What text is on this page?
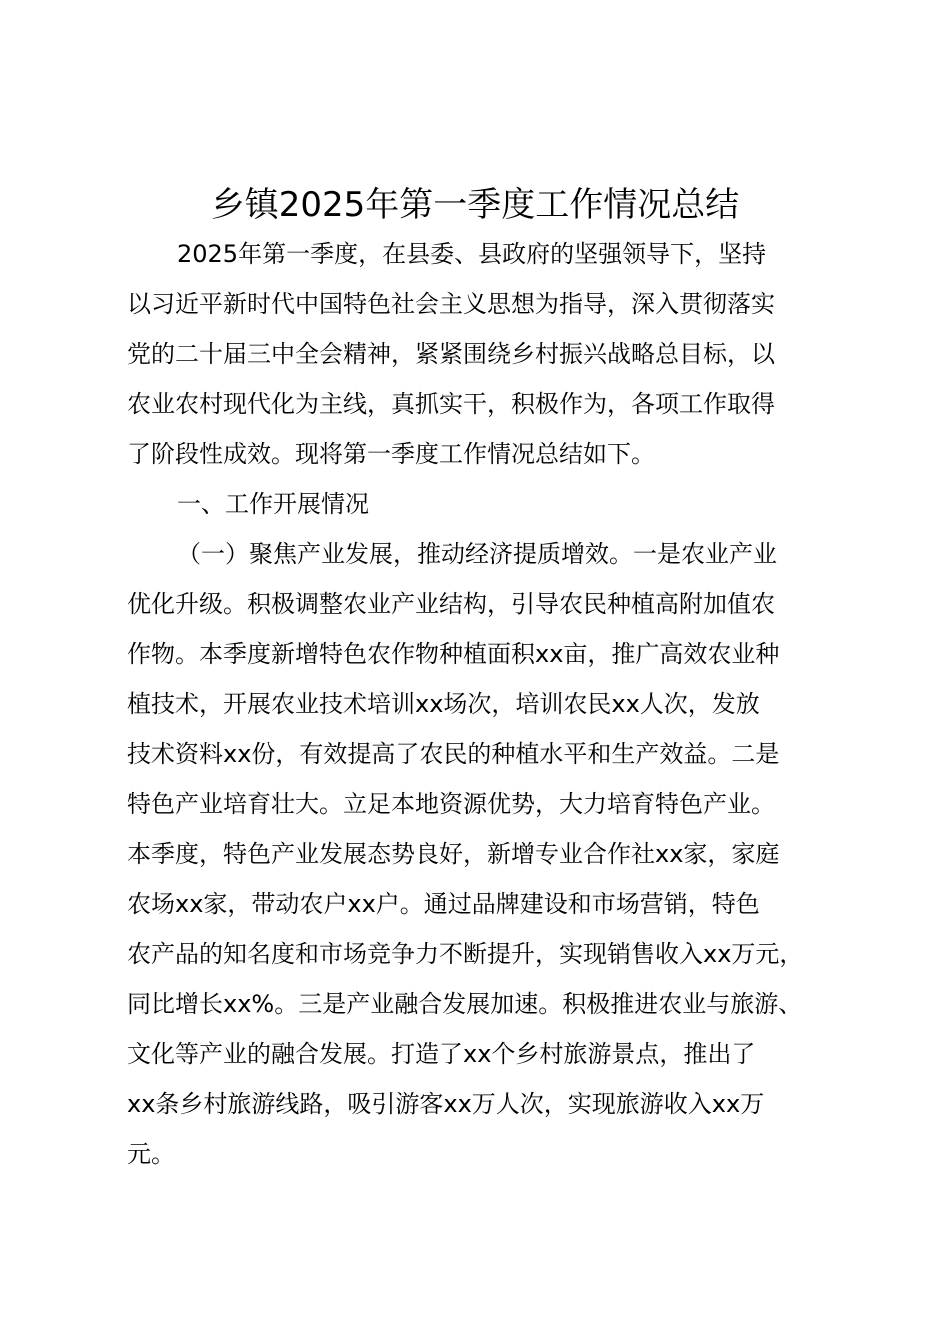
乡镇2025年第一季度工作情况总结
2025年第一季度，在县委、县政府的坚强领导下，坚持
以习近平新时代中国特色社会主义思想为指导，深入贯彻落实
党的二十届三中全会精神，紧紧围绕乡村振兴战略总目标，以
农业农村现代化为主线，真抓实干，积极作为，各项工作取得
了阶段性成效。现将第一季度工作情况总结如下。
一、工作开展情况
（一）聚焦产业发展，推动经济提质增效。一是农业产业
优化升级。积极调整农业产业结构，引导农民种植高附加值农
作物。本季度新增特色农作物种植面积xx亩，推广高效农业种
植技术，开展农业技术培训xx场次，培训农民xx人次，发放
技术资料xx份，有效提高了农民的种植水平和生产效益。二是
特色产业培育壮大。立足本地资源优势，大力培育特色产业。
本季度，特色产业发展态势良好，新增专业合作社xx家，家庭
农场xx家，带动农户xx户。通过品牌建设和市场营销，特色
农产品的知名度和市场竞争力不断提升，实现销售收入xx万元，
同比增长xx%。三是产业融合发展加速。积极推进农业与旅游、
文化等产业的融合发展。打造了xx个乡村旅游景点，推出了
xx条乡村旅游线路，吸引游客xx万人次，实现旅游收入xx万
元。
